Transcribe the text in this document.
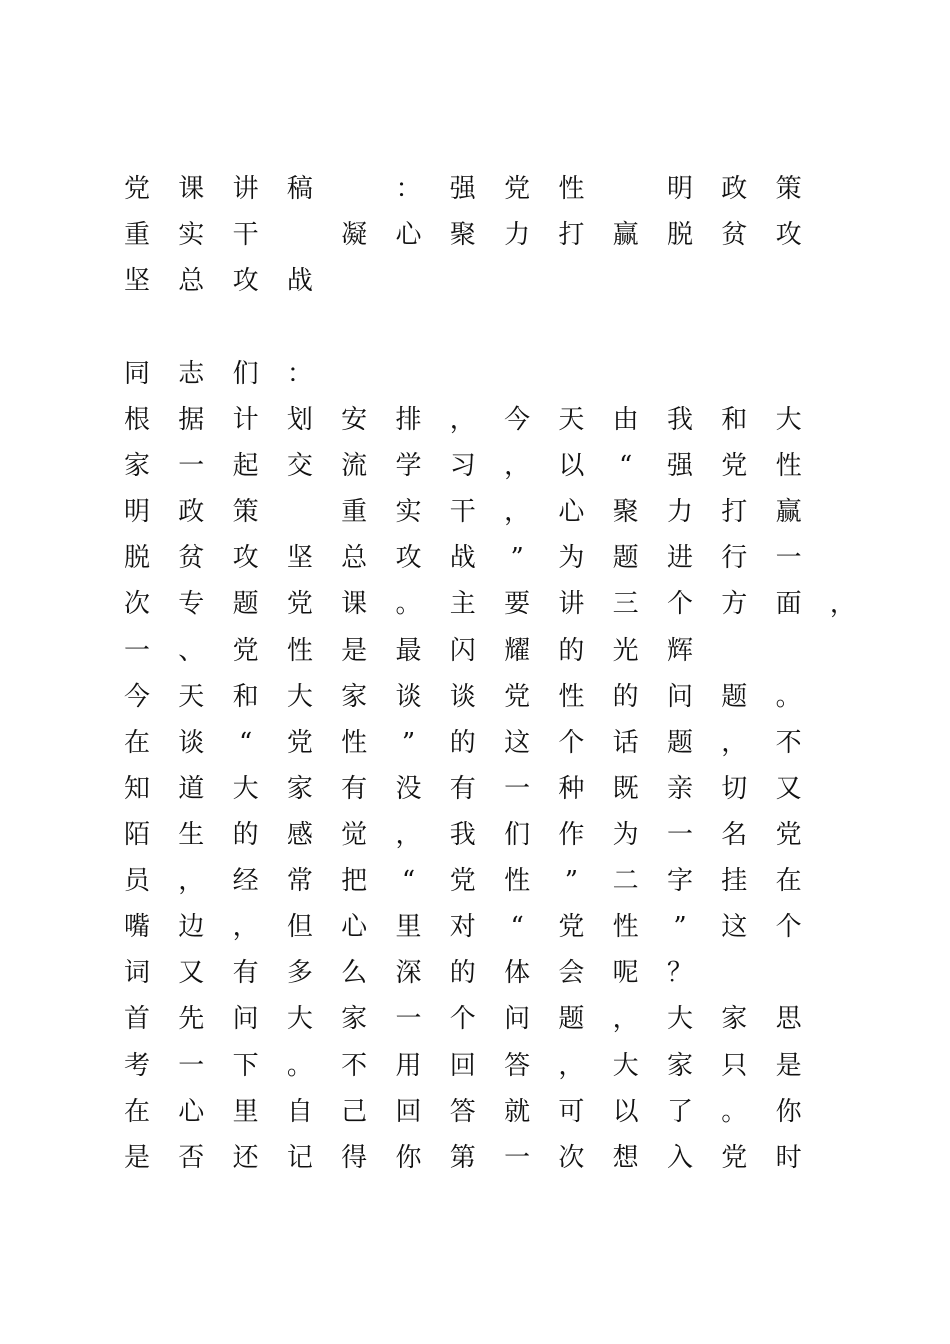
党 课 讲 稿	： 强 党 性	明 政 策
重 实 干	凝 心 聚 力 打 赢 脱 贫 攻
坚 总 攻 战
同 志 们 ：
根 据 计 划 安 排 ， 今 天 由 我 和 大
家 一 起 交 流 学 习 ， 以	“	强 党 性
明 政 策	重 实 干 ， 心 聚 力 打 赢
脱 贫 攻 坚 总 攻 战	”	为 题 进 行 一
次 专 题 党 课 。 主 要 讲 三 个 方 面 ，
一 、 党 性 是 最 闪 耀 的 光 辉
今 天 和 大 家 谈 谈 党 性 的 问 题 。
在 谈	“	党 性	”	的 这 个 话 题 ， 不
知 道 大 家 有 没 有 一 种 既 亲 切 又
陌 生 的 感 觉 ， 我 们 作 为 一 名 党
员 ， 经 常 把	“	党 性	”	二 字 挂 在
嘴 边 ， 但 心 里 对	“	党 性	”	这 个
词 又 有 多 么 深 的 体 会 呢 ？
首 先 问 大 家 一 个 问 题 ， 大 家 思
考 一 下 。 不 用 回 答 ， 大 家 只 是
在 心 里 自 己 回 答 就 可 以 了 。 你
是 否 还 记 得 你 第 一 次 想 入 党 时
